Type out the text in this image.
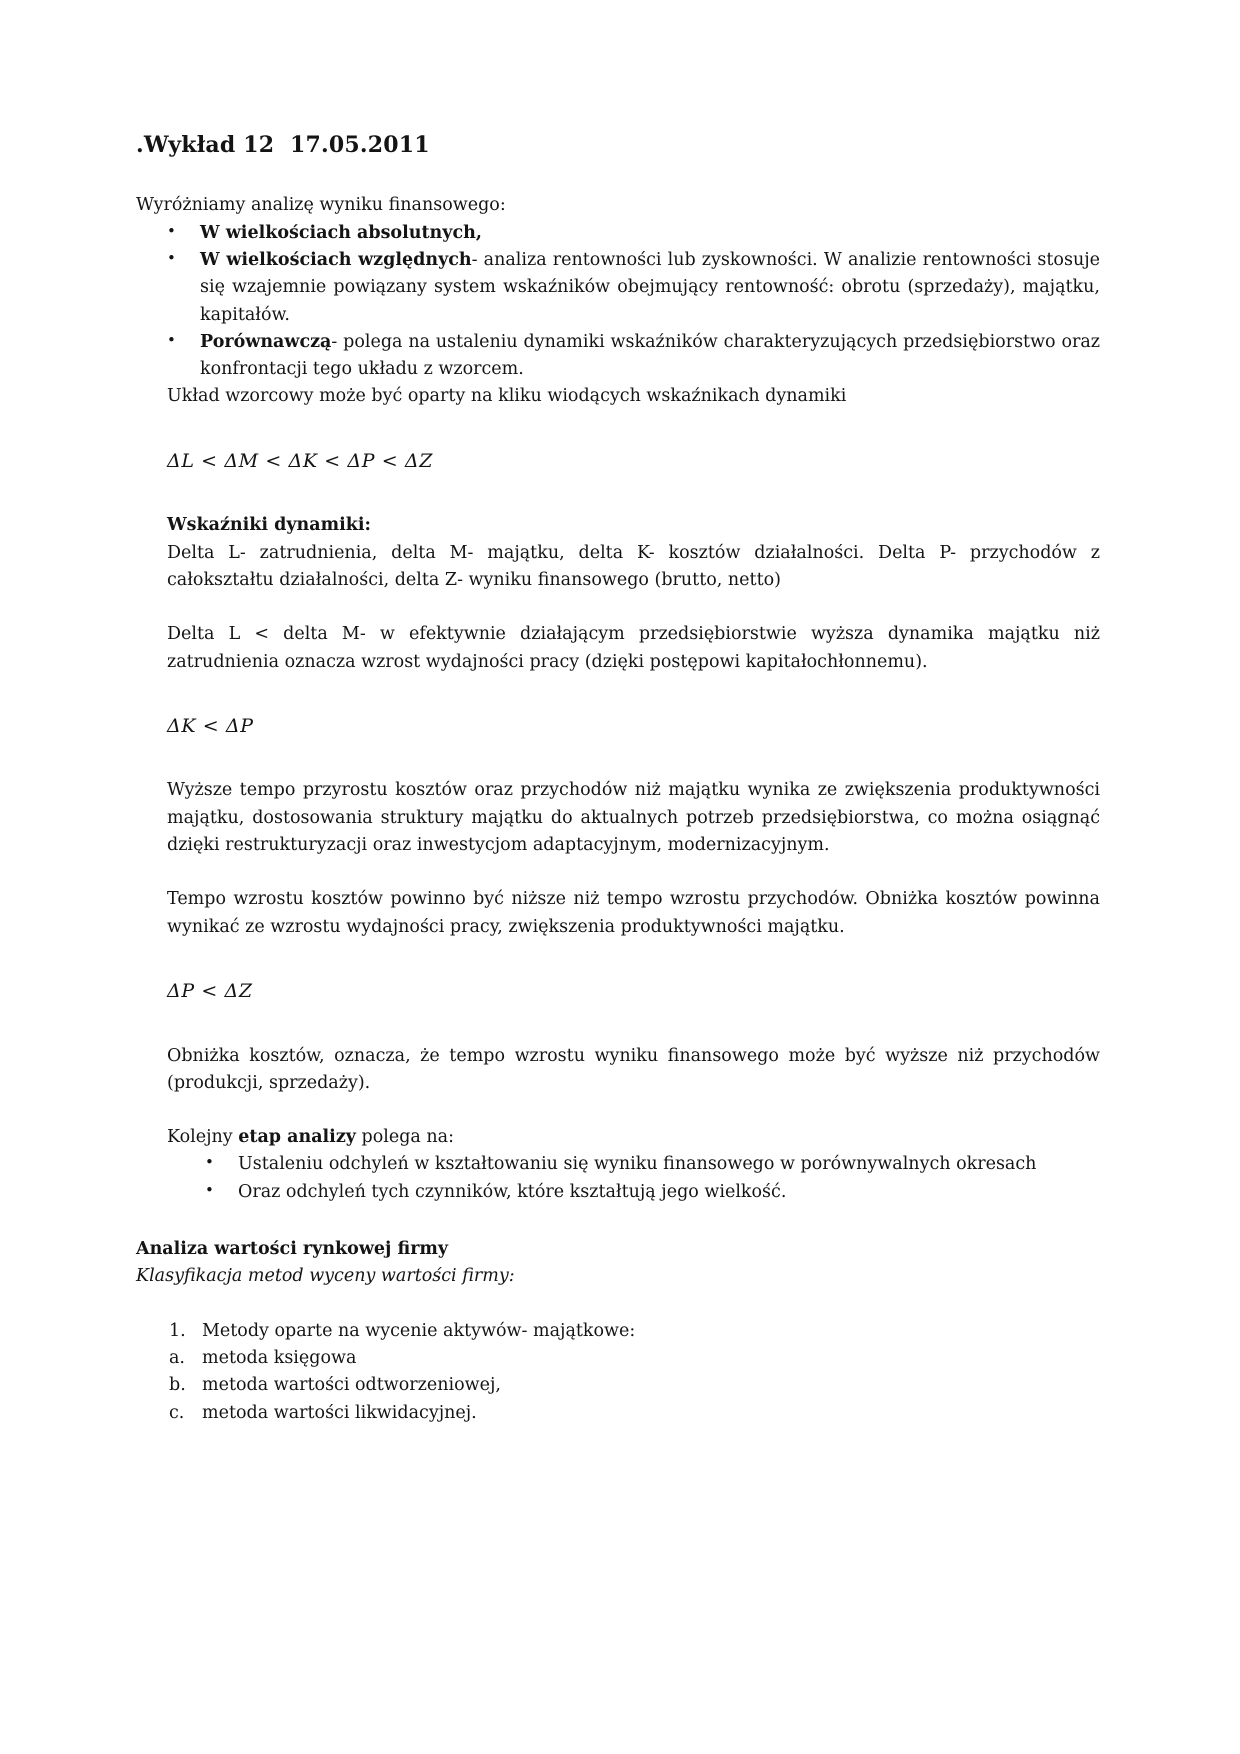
.Wykład 12  17.05.2011

Wyróżniamy analizę wyniku finansowego:

•	W wielkościach absolutnych,
•	W wielkościach względnych- analiza rentowności lub zyskowności. W analizie rentowności stosuje się wzajemnie powiązany system wskaźników obejmujący rentowność: obrotu (sprzedaży), majątku, kapitałów.
•	Porównawczą- polega na ustaleniu dynamiki wskaźników charakteryzujących przedsiębiorstwo oraz konfrontacji tego układu z wzorcem.

Układ wzorcowy może być oparty na kliku wiodących wskaźnikach dynamiki

ΔL < ΔM < ΔK < ΔP < ΔZ

Wskaźniki dynamiki:

Delta L- zatrudnienia, delta M- majątku, delta K- kosztów działalności. Delta P- przychodów z całokształtu działalności, delta Z- wyniku finansowego (brutto, netto)

Delta L < delta M- w efektywnie działającym przedsiębiorstwie wyższa dynamika majątku niż zatrudnienia oznacza wzrost wydajności pracy (dzięki postępowi kapitałochłonnemu).

ΔK < ΔP

Wyższe tempo przyrostu kosztów oraz przychodów niż majątku wynika ze zwiększenia produktywności majątku, dostosowania struktury majątku do aktualnych potrzeb przedsiębiorstwa, co można osiągnąć dzięki restrukturyzacji oraz inwestycjom adaptacyjnym, modernizacyjnym.

Tempo wzrostu kosztów powinno być niższe niż tempo wzrostu przychodów. Obniżka kosztów powinna wynikać ze wzrostu wydajności pracy, zwiększenia produktywności majątku.

ΔP < ΔZ

Obniżka kosztów, oznacza, że tempo wzrostu wyniku finansowego może być wyższe niż przychodów (produkcji, sprzedaży).

Kolejny etap analizy polega na:

•	Ustaleniu odchyleń w kształtowaniu się wyniku finansowego w porównywalnych okresach
•	Oraz odchyleń tych czynników, które kształtują jego wielkość.

Analiza wartości rynkowej firmy

Klasyfikacja metod wyceny wartości firmy:

1. Metody oparte na wycenie aktywów- majątkowe:
a. metoda księgowa
b. metoda wartości odtworzeniowej,
c.	metoda wartości likwidacyjnej.
